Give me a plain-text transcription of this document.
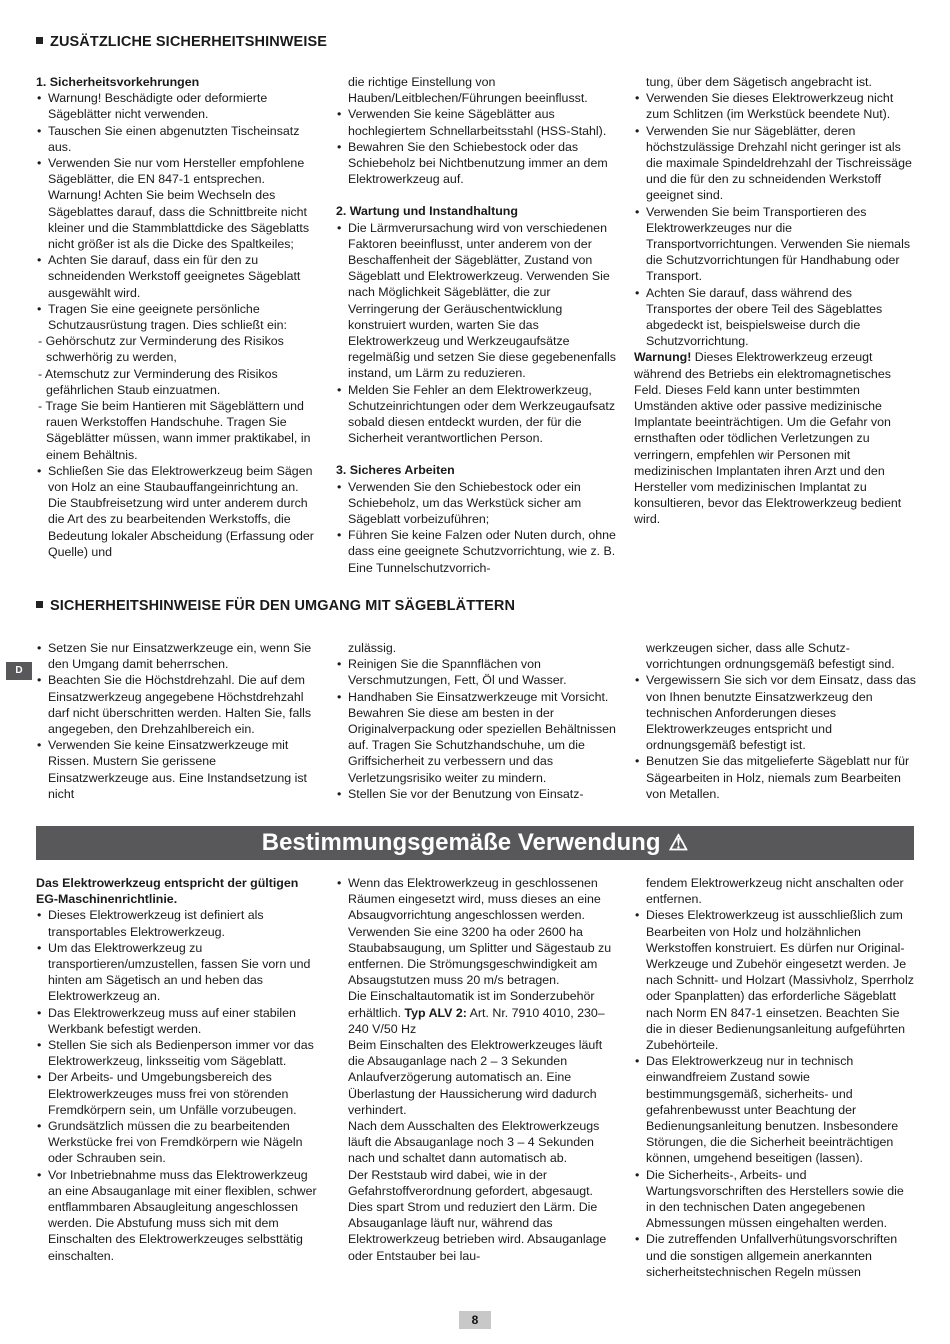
ZUSÄTZLICHE SICHERHEITSHINWEISE

1. Sicherheitsvorkehrungen

• Warnung! Beschädigte oder deformierte Sägeblätter nicht verwenden.
• Tauschen Sie einen abgenutzten Tischeinsatz aus.
• Verwenden Sie nur vom Hersteller empfohlene Sägeblätter, die EN 847-1 entsprechen. Warnung! Achten Sie beim Wechseln des Sägeblattes darauf, dass die Schnittbreite nicht kleiner und die Stammblattdicke des Sägeblatts nicht größer ist als die Dicke des Spaltkeiles;
• Achten Sie darauf, dass ein für den zu schneidenden Werkstoff geeignetes Sägeblatt ausgewählt wird.
• Tragen Sie eine geeignete persönliche Schutzausrüstung tragen. Dies schließt ein:
- Gehörschutz zur Verminderung des Risikos schwerhörig zu werden,
- Atemschutz zur Verminderung des Risikos gefährlichen Staub einzuatmen.
- Trage Sie beim Hantieren mit Sägeblättern und rauen Werkstoffen Handschuhe. Tragen Sie Sägeblätter müssen, wann immer praktikabel, in einem Behältnis.
• Schließen Sie das Elektrowerkzeug beim Sägen von Holz an eine Staubauffangeinrichtung an. Die Staubfreisetzung wird unter anderem durch die Art des zu bearbeitenden Werkstoffs, die Bedeutung lokaler Abscheidung (Erfassung oder Quelle) und

die richtige Einstellung von Hauben/Leitblechen/Führungen beeinflusst.

• Verwenden Sie keine Sägeblätter aus hochlegiertem Schnellarbeitsstahl (HSS-Stahl).
• Bewahren Sie den Schiebestock oder das Schiebeholz bei Nichtbenutzung immer an dem Elektrowerkzeug auf.

2. Wartung und Instandhaltung

• Die Lärmverursachung wird von verschiedenen Faktoren beeinflusst, unter anderem von der Beschaffenheit der Sägeblätter, Zustand von Sägeblatt und Elektrowerkzeug. Verwenden Sie nach Möglichkeit Sägeblätter, die zur Verringerung der Geräuschentwicklung konstruiert wurden, warten Sie das Elektrowerkzeug und Werkzeugaufsätze regelmäßig und setzen Sie diese gegebenenfalls instand, um Lärm zu reduzieren.
• Melden Sie Fehler an dem Elektrowerkzeug, Schutzeinrichtungen oder dem Werkzeugaufsatz sobald diesen entdeckt wurden, der für die Sicherheit verantwortlichen Person.

3. Sicheres Arbeiten

• Verwenden Sie den Schiebestock oder ein Schiebeholz, um das Werkstück sicher am Sägeblatt vorbeizuführen;
• Führen Sie keine Falzen oder Nuten durch, ohne dass eine geeignete Schutzvorrichtung, wie z. B. Eine Tunnelschutzvorrich-

tung, über dem Sägetisch angebracht ist.

• Verwenden Sie dieses Elektrowerkzeug nicht zum Schlitzen (im Werkstück beendete Nut).
• Verwenden Sie nur Sägeblätter, deren höchstzulässige Drehzahl nicht geringer ist als die maximale Spindeldrehzahl der Tischreissäge und die für den zu schneidenden Werkstoff geeignet sind.
• Verwenden Sie beim Transportieren des Elektrowerkzeuges nur die Transportvorrichtungen. Verwenden Sie niemals die Schutzvorrichtungen für Handhabung oder Transport.
• Achten Sie darauf, dass während des Transportes der obere Teil des Sägeblattes abgedeckt ist, beispielsweise durch die Schutzvorrichtung.

Warnung! Dieses Elektrowerkzeug erzeugt während des Betriebs ein elektromagnetisches Feld. Dieses Feld kann unter bestimmten Umständen aktive oder passive medizinische Implantate beeinträchtigen. Um die Gefahr von ernsthaften oder tödlichen Verletzungen zu verringern, empfehlen wir Personen mit medizinischen Implantaten ihren Arzt und den Hersteller vom medizinischen Implantat zu konsultieren, bevor das Elektrowerkzeug bedient wird.

SICHERHEITSHINWEISE FÜR DEN UMGANG MIT SÄGEBLÄTTERN
D
• Setzen Sie nur Einsatzwerkzeuge ein, wenn Sie den Umgang damit beherrschen.
• Beachten Sie die Höchstdrehzahl. Die auf dem Einsatzwerkzeug angegebene Höchstdrehzahl darf nicht überschritten werden. Halten Sie, falls angegeben, den Drehzahlbereich ein.
• Verwenden Sie keine Einsatzwerkzeuge mit Rissen. Mustern Sie gerissene Einsatzwerkzeuge aus. Eine Instandsetzung ist nicht

zulässig.

• Reinigen Sie die Spannflächen von Verschmutzungen, Fett, Öl und Wasser.
• Handhaben Sie Einsatzwerkzeuge mit Vorsicht. Bewahren Sie diese am besten in der Originalverpackung oder speziellen Behältnissen auf. Tragen Sie Schutzhandschuhe, um die Griffsicherheit zu verbessern und das Verletzungsrisiko weiter zu mindern.
• Stellen Sie vor der Benutzung von Einsatz-

werkzeugen sicher, dass alle Schutz-vorrichtungen ordnungsgemäß befestigt sind.

• Vergewissern Sie sich vor dem Einsatz, dass das von Ihnen benutzte Einsatzwerkzeug den technischen Anforderungen dieses Elektrowerkzeuges entspricht und ordnungsgemäß befestigt ist.
• Benutzen Sie das mitgelieferte Sägeblatt nur für Sägearbeiten in Holz, niemals zum Bearbeiten von Metallen.
Bestimmungsgemäße Verwendung ⚠

Das Elektrowerkzeug entspricht der gültigen EG-Maschinenrichtlinie.

• Dieses Elektrowerkzeug ist definiert als transportables Elektrowerkzeug.
• Um das Elektrowerkzeug zu transportieren/umzustellen, fassen Sie vorn und hinten am Sägetisch an und heben das Elektrowerkzeug an.
• Das Elektrowerkzeug muss auf einer stabilen Werkbank befestigt werden.
• Stellen Sie sich als Bedienperson immer vor das Elektrowerkzeug, linksseitig vom Sägeblatt.
• Der Arbeits- und Umgebungsbereich des Elektrowerkzeuges muss frei von störenden Fremdkörpern sein, um Unfälle vorzubeugen.
• Grundsätzlich müssen die zu bearbeitenden Werkstücke frei von Fremdkörpern wie Nägeln oder Schrauben sein.
• Vor Inbetriebnahme muss das Elektrowerkzeug an eine Absauganlage mit einer flexiblen, schwer entflammbaren Absaugleitung angeschlossen werden. Die Abstufung muss sich mit dem Einschalten des Elektrowerkzeuges selbsttätig einschalten.
• Wenn das Elektrowerkzeug in geschlossenen Räumen eingesetzt wird, muss dieses an eine Absaugvorrichtung angeschlossen werden. Verwenden Sie eine 3200 ha oder 2600 ha Staubabsaugung, um Splitter und Sägestaub zu entfernen. Die Strömungsgeschwindigkeit am Absaugstutzen muss 20 m/s betragen.

Die Einschaltautomatik ist im Sonderzubehör erhältlich. Typ ALV 2: Art. Nr. 7910 4010, 230–240 V/50 Hz

Beim Einschalten des Elektrowerkzeuges läuft die Absauganlage nach 2 – 3 Sekunden Anlaufverzögerung automatisch an. Eine Überlastung der Haussicherung wird dadurch verhindert.

Nach dem Ausschalten des Elektrowerkzeugs läuft die Absauganlage noch 3 – 4 Sekunden nach und schaltet dann automatisch ab.

Der Reststaub wird dabei, wie in der Gefahrstoffverordnung gefordert, abgesaugt. Dies spart Strom und reduziert den Lärm. Die Absauganlage läuft nur, während das Elektrowerkzeug betrieben wird. Absauganlage oder Entstauber bei lau-

fendem Elektrowerkzeug nicht anschalten oder entfernen.

• Dieses Elektrowerkzeug ist ausschließlich zum Bearbeiten von Holz und holzähnlichen Werkstoffen konstruiert. Es dürfen nur Original-Werkzeuge und Zubehör eingesetzt werden. Je nach Schnitt- und Holzart (Massivholz, Sperrholz oder Spanplatten) das erforderliche Sägeblatt nach Norm EN 847-1 einsetzen. Beachten Sie die in dieser Bedienungsanleitung aufgeführten Zubehörteile.
• Das Elektrowerkzeug nur in technisch einwandfreiem Zustand sowie bestimmungsgemäß, sicherheits- und gefahrenbewusst unter Beachtung der Bedienungsanleitung benutzen. Insbesondere Störungen, die die Sicherheit beeinträchtigen können, umgehend beseitigen (lassen).
• Die Sicherheits-, Arbeits- und Wartungsvorschriften des Herstellers sowie die in den technischen Daten angegebenen Abmessungen müssen eingehalten werden.
• Die zutreffenden Unfallverhütungsvorschriften und die sonstigen allgemein anerkannten sicherheitstechnischen Regeln müssen
8
